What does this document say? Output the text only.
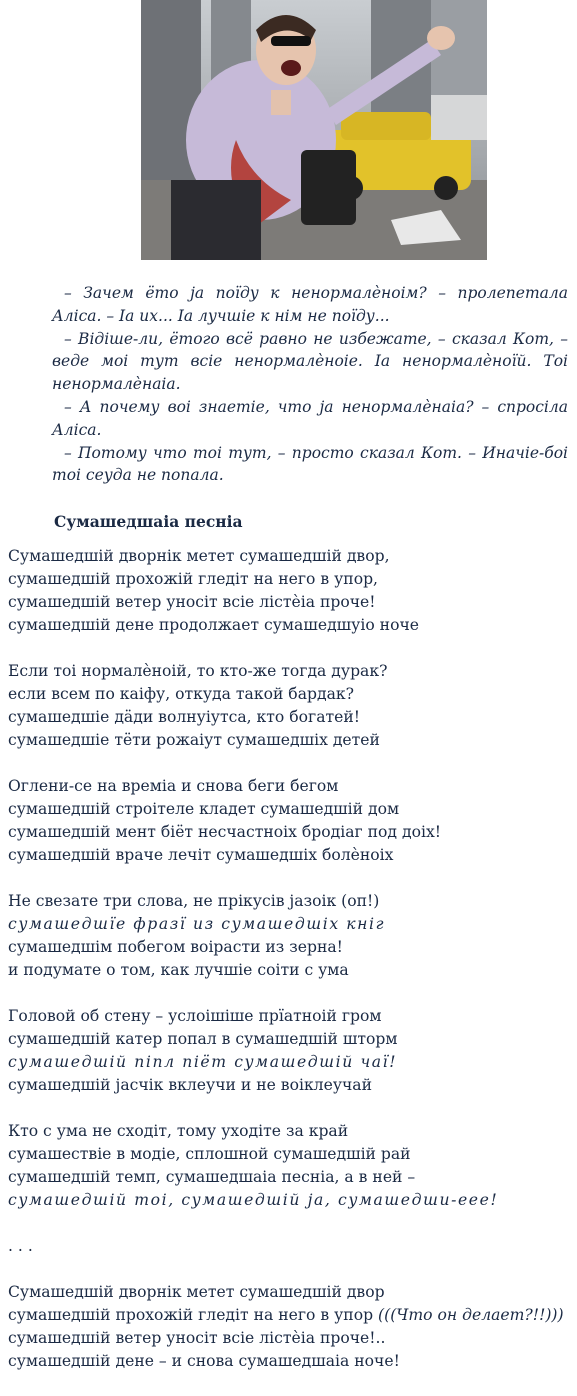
– Зачем ёто ја поїду к ненормалѐноім? – пролепетала Аліса. – Іа их... Іа лучшіе к нім не поїду...

– Відіше-ли, ётого всё равно не избежате, – сказал Кот, – веде моі тут всіе ненормалѐноіе. Іа ненормалѐноїй. Тоі ненормалѐнаіа.

– А почему воі знаетіе, что ја ненормалѐнаіа? – спросіла Аліса.

– Потому что тоі тут, – просто сказал Кот. – Иначіе-боі тоі сеуда не попала.

Сумашедшаіа песніа
Сумашедшій дворнік метет сумашедшій двор,
сумашедшій прохожій гледіт на него в упор,
сумашедшій ветер уносіт всіе лістѐіа проче!
сумашедшій дене продолжает сумашедшуіо ноче
Если тоі нормалѐноій, то кто-же тогда дурак?
если всем по каіфу, откуда такой бардак?
сумашедшіе дäди волнуіутса, кто богатей!
сумашедшіе тёти рожаіут сумашедшіх детей
Оглени-се на времіа и снова беги бегом
сумашедшій строітеле кладет сумашедшій дом
сумашедшій мент біёт несчастноіх бродіаг под доіх!
сумашедшій враче лечіт сумашедшіх болѐноіх
Не свезате три слова, не прікусів јазоік (оп!)
сумашедшїе фразї из сумашедшіх кніг
сумашедшім побегом воірасти из зерна!
и подумате о том, как лучшіе соіти с ума
Головой об стену – услоішіше прїатноій гром
сумашедшій катер попал в сумашедшій шторм
сумашедшій піпл піёт сумашедшій чаї!
сумашедшій јасчік вклеучи и не воіклеучай
Кто с ума не сходіт, тому уходіте за край
сумашествіе в модіе, сплошной сумашедшій рай
сумашедшій темп, сумашедшаіа песніа, а в ней –
сумашедшій тоі, сумашедшій ја, сумашедши-еее!
. . .
Сумашедшій дворнік метет сумашедшій двор
сумашедшій прохожій гледіт на него в упор (((Что он делает?!!)))
сумашедшій ветер уносіт всіе лістѐіа проче!..
сумашедшій дене – и снова сумашедшаіа ноче!
